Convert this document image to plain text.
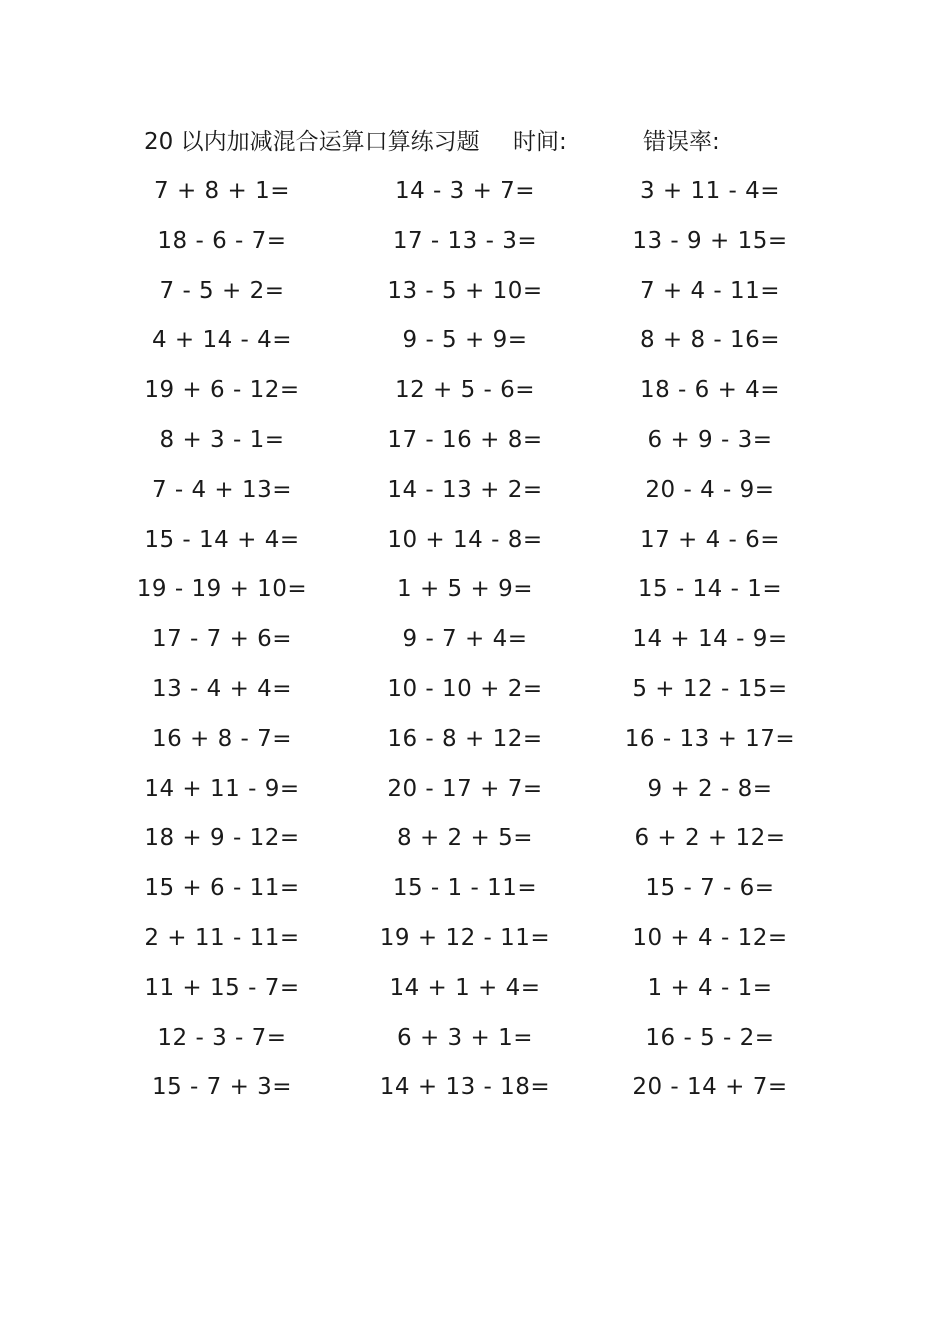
20 以内加减混合运算口算练习题 时间:	错误率:
7 + 8 + 1=	14 - 3 + 7=	3 + 11 - 4=
18 - 6 - 7=	17 - 13 - 3=	13 - 9 + 15=
7 - 5 + 2=	13 - 5 + 10=	7 + 4 - 11=
4 + 14 - 4=	9 - 5 + 9=	8 + 8 - 16=
19 + 6 - 12=	12 + 5 - 6=	18 - 6 + 4=
8 + 3 - 1=	17 - 16 + 8=	6 + 9 - 3=
7 - 4 + 13=	14 - 13 + 2=	20 - 4 - 9=
15 - 14 + 4=	10 + 14 - 8=	17 + 4 - 6=
19 - 19 + 10=	1 + 5 + 9=	15 - 14 - 1=
17 - 7 + 6=	9 - 7 + 4=	14 + 14 - 9=
13 - 4 + 4=	10 - 10 + 2=	5 + 12 - 15=
16 + 8 - 7=	16 - 8 + 12=	16 - 13 + 17=
14 + 11 - 9=	20 - 17 + 7=	9 + 2 - 8=
18 + 9 - 12=	8 + 2 + 5=	6 + 2 + 12=
15 + 6 - 11=	15 - 1 - 11=	15 - 7 - 6=
2 + 11 - 11=	19 + 12 - 11=	10 + 4 - 12=
11 + 15 - 7=	14 + 1 + 4=	1 + 4 - 1=
12 - 3 - 7=	6 + 3 + 1=	16 - 5 - 2=
15 - 7 + 3=	14 + 13 - 18=	20 - 14 + 7=
